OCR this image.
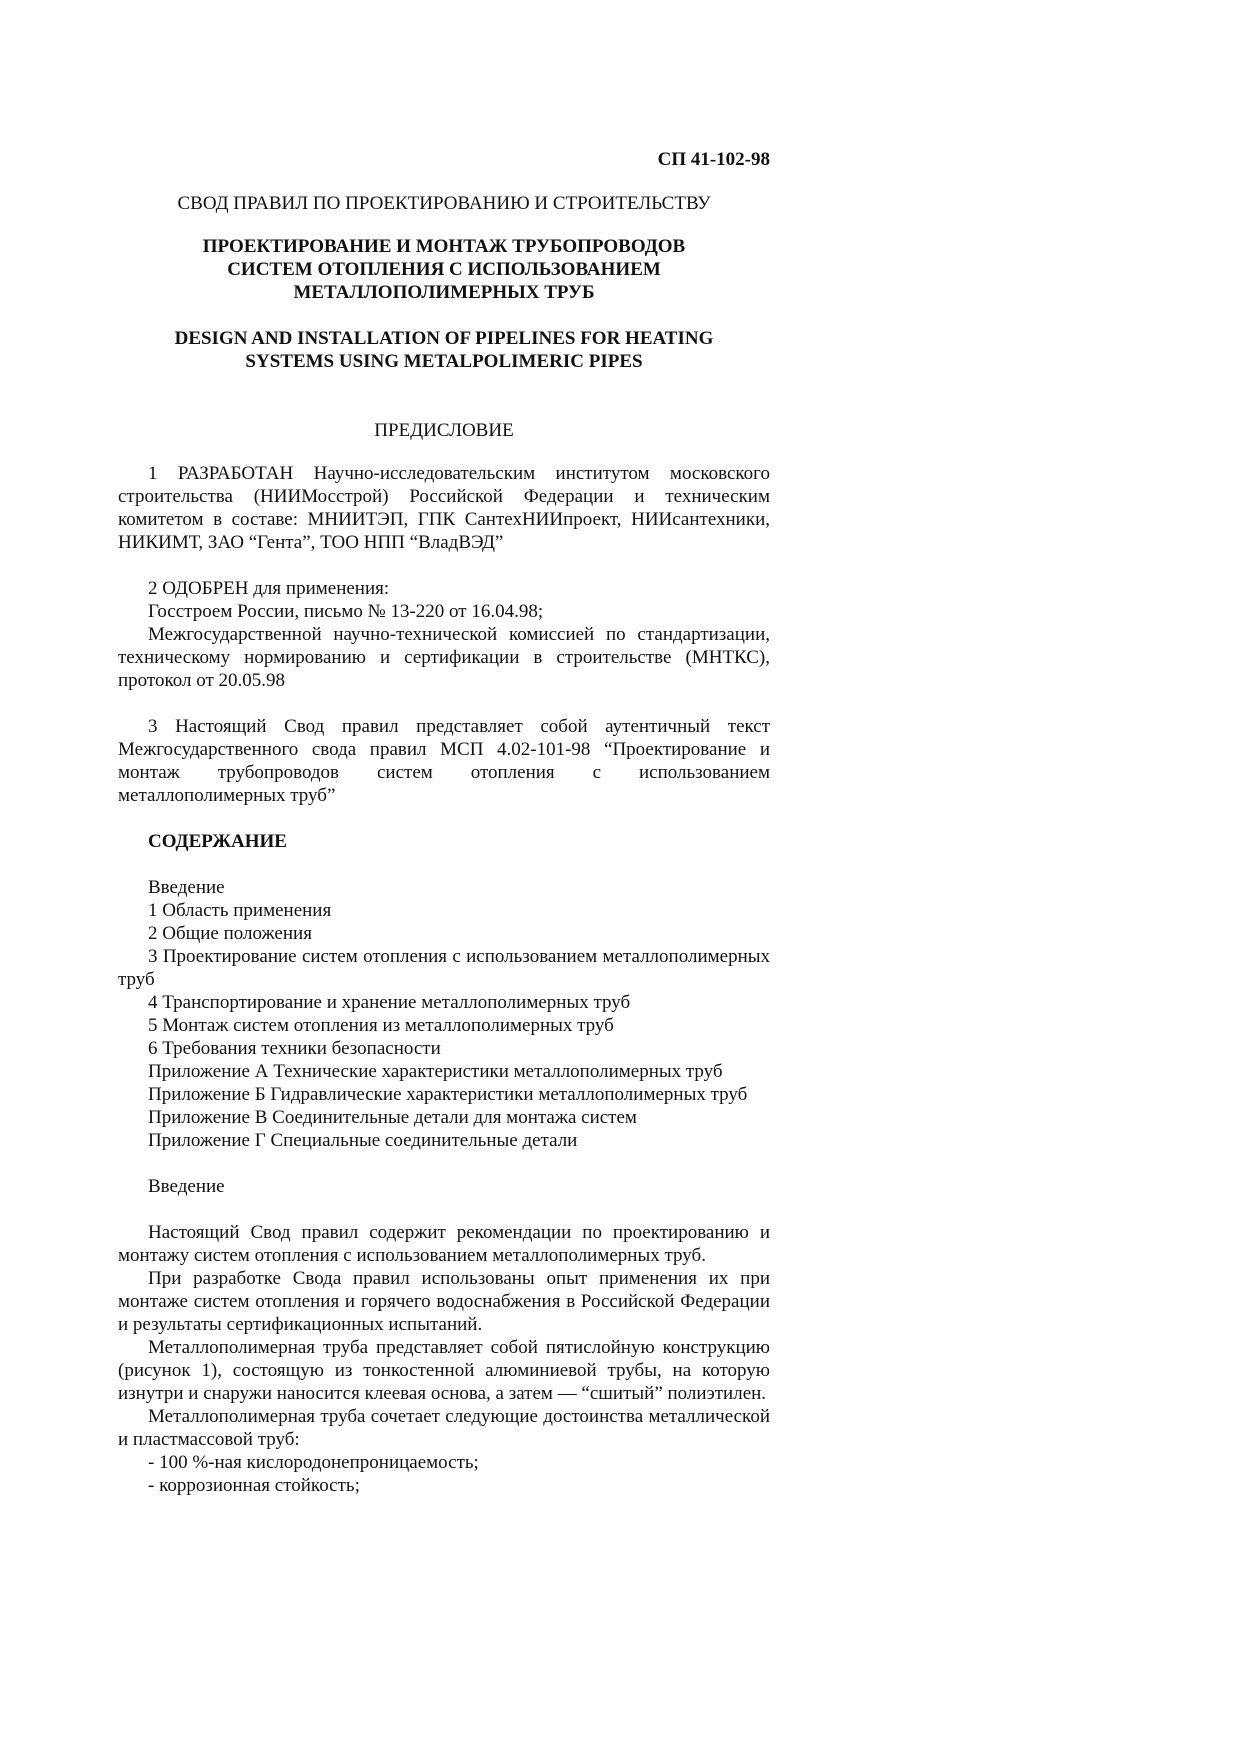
СП 41-102-98
СВОД ПРАВИЛ ПО ПРОЕКТИРОВАНИЮ И СТРОИТЕЛЬСТВУ
ПРОЕКТИРОВАНИЕ И МОНТАЖ ТРУБОПРОВОДОВ
СИСТЕМ ОТОПЛЕНИЯ С ИСПОЛЬЗОВАНИЕМ
МЕТАЛЛОПОЛИМЕРНЫХ ТРУБ
DESIGN AND INSTALLATION OF PIPELINES FOR HEATING
SYSTEMS USING METALPOLIMERIC PIPES
ПРЕДИСЛОВИЕ

1 РАЗРАБОТАН Научно-исследовательским институтом московского строительства (НИИМосстрой) Российской Федерации и техническим комитетом в составе: МНИИТЭП, ГПК СантехНИИпроект, НИИсантехники, НИКИМТ, ЗАО “Гента”, ТОО НПП “ВладВЭД”

2 ОДОБРЕН для применения:

Госстроем России, письмо № 13-220 от 16.04.98;

Межгосударственной научно-технической комиссией по стандартизации, техническому нормированию и сертификации в строительстве (МНТКС), протокол от 20.05.98

3 Настоящий Свод правил представляет собой аутентичный текст Межгосударственного свода правил МСП 4.02-101-98 “Проектирование и монтаж трубопроводов систем отопления с использованием металлополимерных труб”

СОДЕРЖАНИЕ

Введение

1 Область применения

2 Общие положения

3 Проектирование систем отопления с использованием металлополимерных труб

4 Транспортирование и хранение металлополимерных труб

5 Монтаж систем отопления из металлополимерных труб

6 Требования техники безопасности

Приложение А Технические характеристики металлополимерных труб

Приложение Б Гидравлические характеристики металлополимерных труб

Приложение В Соединительные детали для монтажа систем

Приложение Г Специальные соединительные детали

Введение

Настоящий Свод правил содержит рекомендации по проектированию и монтажу систем отопления с использованием металлополимерных труб.

При разработке Свода правил использованы опыт применения их при монтаже систем отопления и горячего водоснабжения в Российской Федерации и результаты сертификационных испытаний.

Металлополимерная труба представляет собой пятислойную конструкцию (рисунок 1), состоящую из тонкостенной алюминиевой трубы, на которую изнутри и снаружи наносится клеевая основа, а затем — “сшитый” полиэтилен.

Металлополимерная труба сочетает следующие достоинства металлической и пластмассовой труб:

- 100 %-ная кислородонепроницаемость;

- коррозионная стойкость;
